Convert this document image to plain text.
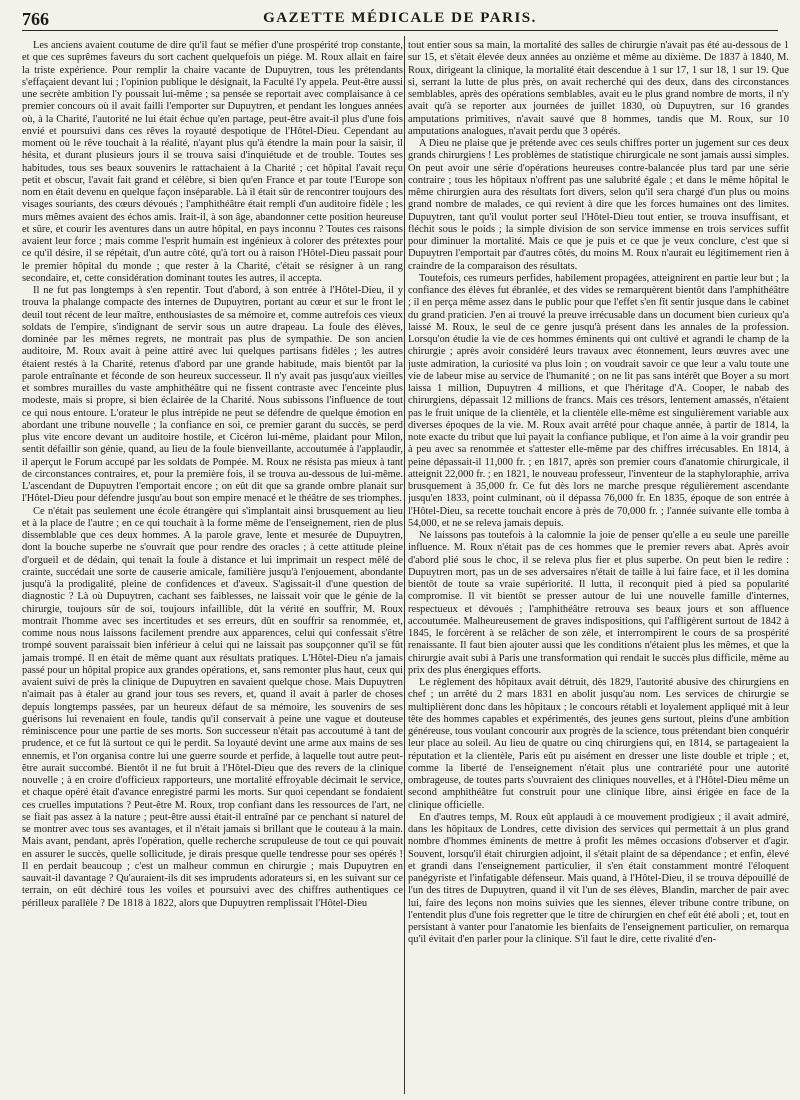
766	GAZETTE MÉDICALE DE PARIS.

Les anciens avaient coutume de dire qu'il faut se méfier d'une prospérité trop constante, et que ces suprêmes faveurs du sort cachent quelquefois un piége. M. Roux allait en faire la triste expérience. Pour remplir la chaire vacante de Dupuytren, tous les prétendants s'effaçaient devant lui ; l'opinion publique le désignait, la Faculté l'y appela. Peut-être aussi une secrète ambition l'y poussait lui-même ; sa pensée se reportait avec complaisance à ce premier concours où il avait failli l'emporter sur Dupuytren, et pendant les longues années où, à la Charité, l'autorité ne lui était échue qu'en partage, peut-être avait-il plus d'une fois envié et poursuivi dans ces rêves la royauté despotique de l'Hôtel-Dieu. Cependant au moment où le rêve touchait à la réalité, n'ayant plus qu'à étendre la main pour la saisir, il hésita, et durant plusieurs jours il se trouva saisi d'inquiétude et de trouble. Toutes ses habitudes, tous ses beaux souvenirs le rattachaient à la Charité ; cet hôpital l'avait reçu petit et obscur, l'avait fait grand et célèbre, si bien qu'en France et par toute l'Europe son nom en était devenu en quelque façon inséparable. Là il était sûr de rencontrer toujours des visages souriants, des cœurs dévoués ; l'amphithéâtre était rempli d'un auditoire fidèle ; les murs mêmes avaient des échos amis. Irait-il, à son âge, abandonner cette position heureuse et sûre, et courir les aventures dans un autre hôpital, en pays inconnu ? Toutes ces raisons avaient leur force ; mais comme l'esprit humain est ingénieux à colorer des prétextes pour ce qu'il désire, il se répétait, d'un autre côté, qu'à tort ou à raison l'Hôtel-Dieu passait pour le premier hôpital du monde ; que rester à la Charité, c'était se résigner à un rang secondaire, et, cette considération dominant toutes les autres, il accepta.

Il ne fut pas longtemps à s'en repentir. Tout d'abord, à son entrée à l'Hôtel-Dieu, il y trouva la phalange compacte des internes de Dupuytren, portant au cœur et sur le front le deuil tout récent de leur maître, enthousiastes de sa mémoire et, comme autrefois ces vieux soldats de l'empire, s'indignant de servir sous un autre drapeau. La foule des élèves, dominée par les mêmes regrets, ne montrait pas plus de sympathie. De son ancien auditoire, M. Roux avait à peine attiré avec lui quelques partisans fidèles ; les autres étaient restés à la Charité, retenus d'abord par une grande habitude, mais bientôt par la parole entraînante et féconde de son heureux successeur. Il n'y avait pas jusqu'aux vieilles et sombres murailles du vaste amphithéâtre qui ne fissent contraste avec l'enceinte plus modeste, mais si propre, si bien éclairée de la Charité. Nous subissons l'influence de tout ce qui nous entoure. L'orateur le plus intrépide ne peut se défendre de quelque émotion en abordant une tribune nouvelle ; la confiance en soi, ce premier garant du succès, se perd plus vite encore devant un auditoire hostile, et Cicéron lui-même, plaidant pour Milon, sentit défaillir son génie, quand, au lieu de la foule bienveillante, accoutumée à l'applaudir, il aperçut le Forum accupé par les soldats de Pompée. M. Roux ne résista pas mieux à tant de circonstances contraires, et, pour la première fois, il se trouva au-dessous de lui-même. L'ascendant de Dupuytren l'emportait encore ; on eût dit que sa grande ombre planait sur l'Hôtel-Dieu pour défendre jusqu'au bout son empire menacé et le théâtre de ses triomphes.

Ce n'était pas seulement une école étrangère qui s'implantait ainsi brusquement au lieu et à la place de l'autre ; en ce qui touchait à la forme même de l'enseignement, rien de plus dissemblable que ces deux hommes. A la parole grave, lente et mesurée de Dupuytren, dont la bouche superbe ne s'ouvrait que pour rendre des oracles ; à cette attitude pleine d'orgueil et de dédain, qui tenait la foule à distance et lui imprimait un respect mêlé de crainte, succédait une sorte de causerie amicale, familière jusqu'à l'enjouement, abondante jusqu'à la prodigalité, pleine de confidences et d'aveux. S'agissait-il d'une question de diagnostic ? Là où Dupuytren, cachant ses faiblesses, ne laissait voir que le génie de la chirurgie, toujours sûr de soi, toujours infaillible, dût la vérité en souffrir, M. Roux montrait l'homme avec ses incertitudes et ses erreurs, dût en souffrir sa renommée, et, comme nous nous laissons facilement prendre aux apparences, celui qui confessait s'être trompé souvent paraissait bien inférieur à celui qui ne laissait pas soupçonner qu'il se fût jamais trompé. Il en était de même quant aux résultats pratiques. L'Hôtel-Dieu n'a jamais passé pour un hôpital propice aux grandes opérations, et, sans remonter plus haut, ceux qui avaient suivi de près la clinique de Dupuytren en savaient quelque chose. Mais Dupuytren n'aimait pas à étaler au grand jour tous ses revers, et, quand il avait à parler de choses depuis longtemps passées, par un heureux défaut de sa mémoire, les souvenirs de ses guérisons lui revenaient en foule, tandis qu'il conservait à peine une vague et douteuse réminiscence pour une partie de ses morts. Son successeur n'était pas accoutumé à tant de prudence, et ce fut là surtout ce qui le perdit. Sa loyauté devint une arme aux mains de ses ennemis, et l'on organisa contre lui une guerre sourde et perfide, à laquelle tout autre peut-être aurait succombé. Bientôt il ne fut bruit à l'Hôtel-Dieu que des revers de la clinique nouvelle ; à en croire d'officieux rapporteurs, une mortalité effroyable décimait le service, et chaque opéré était d'avance enregistré parmi les morts. Sur quoi cependant se fondaient ces cruelles imputations ? Peut-être M. Roux, trop confiant dans les ressources de l'art, ne se fiait pas assez à la nature ; peut-être aussi était-il entraîné par ce penchant si naturel de se montrer avec tous ses avantages, et il n'était jamais si brillant que le couteau à la main. Mais avant, pendant, après l'opération, quelle recherche scrupuleuse de tout ce qui pouvait en assurer le succès, quelle sollicitude, je dirais presque quelle tendresse pour ses opérés ! Il en perdait beaucoup ; c'est un malheur commun en chirurgie ; mais Dupuytren en sauvait-il davantage ? Qu'auraient-ils dit ses imprudents adorateurs si, en les suivant sur ce terrain, on eût déchiré tous les voiles et poursuivi avec des chiffres authentiques ce périlleux parallèle ? De 1818 à 1822, alors que Dupuytren remplissait l'Hôtel-Dieu

tout entier sous sa main, la mortalité des salles de chirurgie n'avait pas été au-dessous de 1 sur 15, et s'était élevée deux années au onzième et même au dixième. De 1837 à 1840, M. Roux, dirigeant la clinique, la mortalité était descendue à 1 sur 17, 1 sur 18, 1 sur 19. Que si, serrant la lutte de plus près, on avait recherché qui des deux, dans des circonstances semblables, après des opérations semblables, avait eu le plus grand nombre de morts, il n'y avait qu'à se reporter aux journées de juillet 1830, où Dupuytren, sur 16 grandes amputations primitives, n'avait sauvé que 8 hommes, tandis que M. Roux, sur 10 amputations analogues, n'avait perdu que 3 opérés.

A Dieu ne plaise que je prétende avec ces seuls chiffres porter un jugement sur ces deux grands chirurgiens ! Les problèmes de statistique chirurgicale ne sont jamais aussi simples. On peut avoir une série d'opérations heureuses contre-balancée plus tard par une série contraire ; tous les hôpitaux n'offrent pas une salubrité égale ; et dans le même hôpital le même chirurgien aura des résultats fort divers, selon qu'il sera chargé d'un plus ou moins grand nombre de malades, ce qui revient à dire que les forces humaines ont des limites. Dupuytren, tant qu'il voulut porter seul l'Hôtel-Dieu tout entier, se trouva insuffisant, et fléchit sous le poids ; la simple division de son service immense en trois services suffit pour diminuer la mortalité. Mais ce que je puis et ce que je veux conclure, c'est que si Dupuytren l'emportait par d'autres côtés, du moins M. Roux n'aurait eu légitimement rien à craindre de la comparaison des résultats.

Toutefois, ces rumeurs perfides, habilement propagées, atteignirent en partie leur but ; la confiance des élèves fut ébranlée, et des vides se remarquèrent bientôt dans l'amphithéâtre ; il en perça même assez dans le public pour que l'effet s'en fît sentir jusque dans le cabinet du grand praticien. J'en ai trouvé la preuve irrécusable dans un document bien curieux qu'a laissé M. Roux, le seul de ce genre jusqu'à présent dans les annales de la profession. Lorsqu'on étudie la vie de ces hommes éminents qui ont cultivé et agrandi le champ de la chirurgie ; après avoir considéré leurs travaux avec étonnement, leurs œuvres avec une juste admiration, la curiosité va plus loin ; on voudrait savoir ce que leur a valu toute une vie de labeur mise au service de l'humanité ; on ne lit pas sans intérêt que Boyer a su mort laissa 1 million, Dupuytren 4 millions, et que l'héritage d'A. Cooper, le nabab des chirurgiens, dépassait 12 millions de francs. Mais ces trésors, lentement amassés, n'étaient pas le fruit unique de la clientèle, et la clientèle elle-même est singulièrement variable aux diverses époques de la vie. M. Roux avait arrêté pour chaque année, à partir de 1814, la note exacte du tribut que lui payait la confiance publique, et l'on aime à la voir grandir peu à peu avec sa renommée et s'attester elle-même par des chiffres irrécusables. En 1814, à peine dépassait-il 11,000 fr. ; en 1817, après son premier cours d'anatomie chirurgicale, il atteignit 22,000 fr. ; en 1821, le nouveau professeur, l'inventeur de la staphyloraphie, arriva brusquement à 35,000 fr. Ce fut dès lors ne marche presque régulièrement ascendante jusqu'en 1833, point culminant, où il dépassa 76,000 fr. En 1835, époque de son entrée à l'Hôtel-Dieu, sa recette touchait encore à près de 70,000 fr. ; l'année suivante elle tomba à 54,000, et ne se releva jamais depuis.

Ne laissons pas toutefois à la calomnie la joie de penser qu'elle a eu seule une pareille influence. M. Roux n'était pas de ces hommes que le premier revers abat. Après avoir d'abord plié sous le choc, il se releva plus fier et plus superbe. On peut bien le redire : Dupuytren mort, pas un de ses adversaires n'était de taille à lui faire face, et il les domina bientôt de toute sa vraie supériorité. Il lutta, il reconquit pied à pied sa popularité compromise. Il vit bientôt se presser autour de lui une nouvelle famille d'internes, respectueux et dévoués ; l'amphithéâtre retrouva ses beaux jours et son affluence accoutumée. Malheureusement de graves indispositions, qui l'affligèrent surtout de 1842 à 1845, le forcèrent à se relâcher de son zèle, et interrompirent le cours de sa prospérité renaissante. Il faut bien ajouter aussi que les conditions n'étaient plus les mêmes, et que la chirurgie avait subi à Paris une transformation qui rendait le succès plus difficile, même au prix des plus énergiques efforts.

Le règlement des hôpitaux avait détruit, dès 1829, l'autorité abusive des chirurgiens en chef ; un arrêté du 2 mars 1831 en abolit jusqu'au nom. Les services de chirurgie se multiplièrent donc dans les hôpitaux ; le concours rétabli et loyalement appliqué mit à leur tête des hommes capables et expérimentés, des jeunes gens surtout, pleins d'une ambition généreuse, tous voulant concourir aux progrès de la science, tous prétendant bien conquérir leur place au soleil. Au lieu de quatre ou cinq chirurgiens qui, en 1814, se partageaient la réputation et la clientèle, Paris eût pu aisément en dresser une liste double et triple ; et, comme la liberté de l'enseignement n'était plus une contrariété pour une autorité ombrageuse, de toutes parts s'ouvraient des cliniques nouvelles, et à l'Hôtel-Dieu même un second amphithéâtre fut construit pour une clinique libre, ainsi érigée en face de la clinique officielle.

En d'autres temps, M. Roux eût applaudi à ce mouvement prodigieux ; il avait admiré, dans les hôpitaux de Londres, cette division des services qui permettait à un plus grand nombre d'hommes éminents de mettre à profit les mêmes occasions d'observer et d'agir. Souvent, lorsqu'il était chirurgien adjoint, il s'était plaint de sa dépendance ; et enfin, élevé et grandi dans l'enseignement particulier, il s'en était constamment montré l'éloquent panégyriste et l'infatigable défenseur. Mais quand, à l'Hôtel-Dieu, il se trouva dépouillé de l'un des titres de Dupuytren, quand il vit l'un de ses élèves, Blandin, marcher de pair avec lui, faire des leçons non moins suivies que les siennes, élever tribune contre tribune, on l'entendit plus d'une fois regretter que le titre de chirurgien en chef eût été aboli ; et, tout en persistant à vanter pour l'anatomie les bienfaits de l'enseignement particulier, on remarqua qu'il évitait d'en parler pour la clinique. S'il faut le dire, cette rivalité d'en-
